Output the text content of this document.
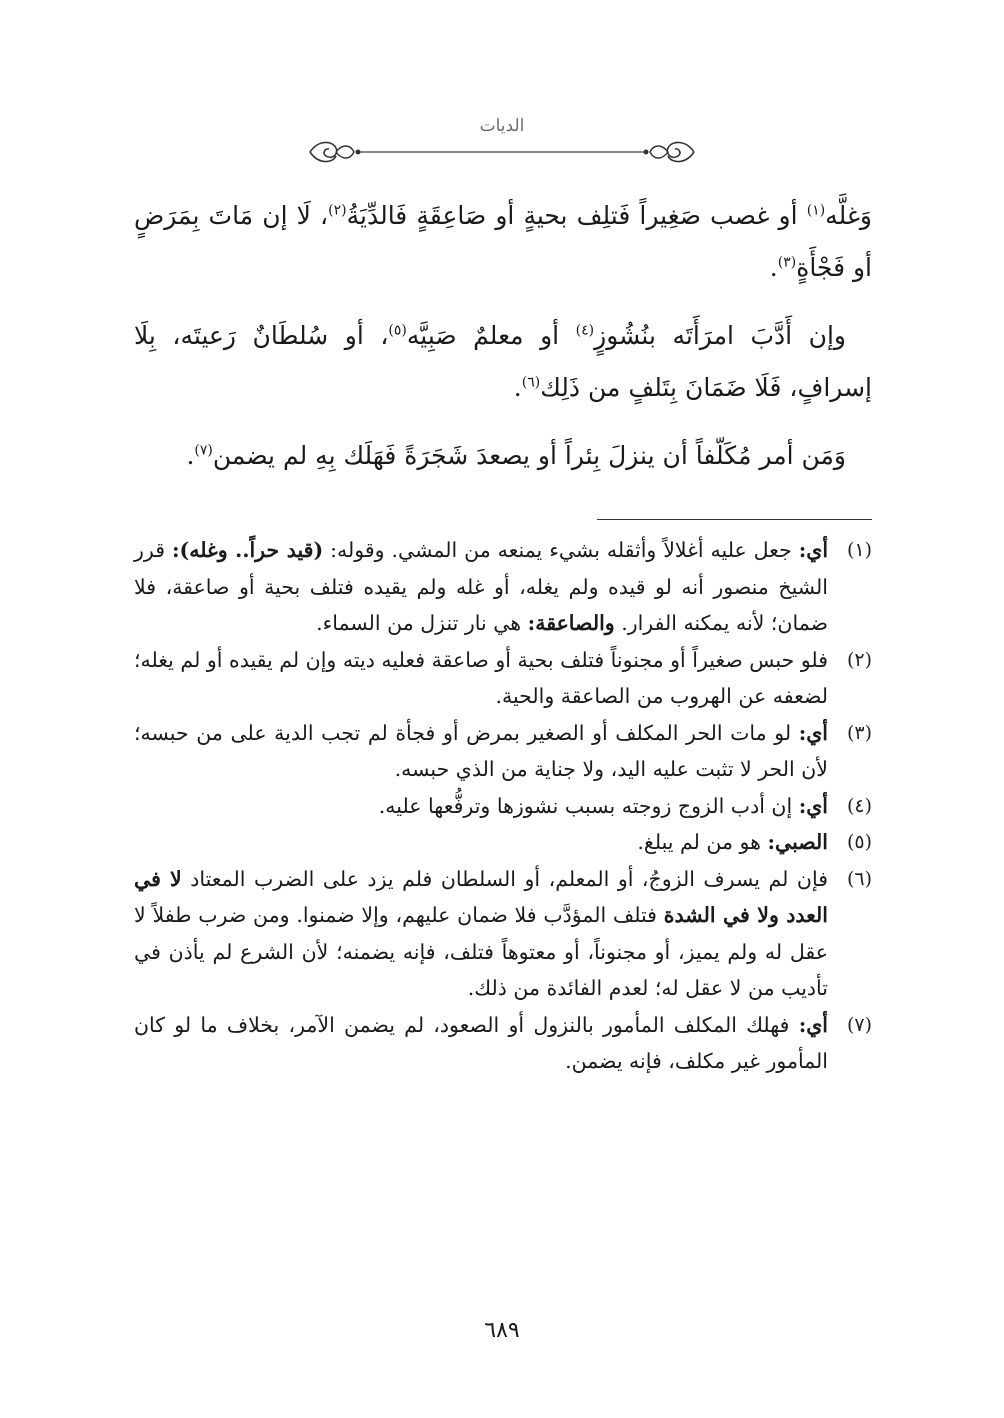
الديات

وَغلَّه$^{(١)}$ أو غصب صَغِيراً فَتلِف بحيةٍ أو صَاعِقَةٍ فَالدِّيَةُ$^{(٢)}$، لَا إن مَاتَ بِمَرَضٍ أو فَجْأَةٍ$^{(٣)}$.

وإن أَدَّبَ امرَأَتَه بنُشُوزٍ$^{(٤)}$ أو معلمٌ صَبِيَّه$^{(٥)}$، أو سُلطَانٌ رَعيتَه، بِلَا إسرافٍ، فَلَا ضَمَانَ بِتَلفٍ من ذَلِك$^{(٦)}$.

وَمَن أمر مُكَلّفاً أن ينزلَ بِئراً أو يصعدَ شَجَرَةً فَهَلَك بِهِ لم يضمن$^{(٧)}$.

(١)
أي: جعل عليه أغلالاً وأثقله بشيء يمنعه من المشي. وقوله: (قيد حراً.. وغله): قرر الشيخ منصور أنه لو قيده ولم يغله، أو غله ولم يقيده فتلف بحية أو صاعقة، فلا ضمان؛ لأنه يمكنه الفرار. والصاعقة: هي نار تنزل من السماء.

(٢)
فلو حبس صغيراً أو مجنوناً فتلف بحية أو صاعقة فعليه ديته وإن لم يقيده أو لم يغله؛ لضعفه عن الهروب من الصاعقة والحية.

(٣)
أي: لو مات الحر المكلف أو الصغير بمرض أو فجأة لم تجب الدية على من حبسه؛ لأن الحر لا تثبت عليه اليد، ولا جناية من الذي حبسه.

(٤)
أي: إن أدب الزوج زوجته بسبب نشوزها وترفُّعها عليه.

(٥)
الصبي: هو من لم يبلغ.

(٦)
فإن لم يسرف الزوجُ، أو المعلم، أو السلطان فلم يزد على الضرب المعتاد لا في العدد ولا في الشدة فتلف المؤدَّب فلا ضمان عليهم، وإلا ضمنوا. ومن ضرب طفلاً لا عقل له ولم يميز، أو مجنوناً، أو معتوهاً فتلف، فإنه يضمنه؛ لأن الشرع لم يأذن في تأديب من لا عقل له؛ لعدم الفائدة من ذلك.

(٧)
أي: فهلك المكلف المأمور بالنزول أو الصعود، لم يضمن الآمر، بخلاف ما لو كان المأمور غير مكلف، فإنه يضمن.

٦٨٩
